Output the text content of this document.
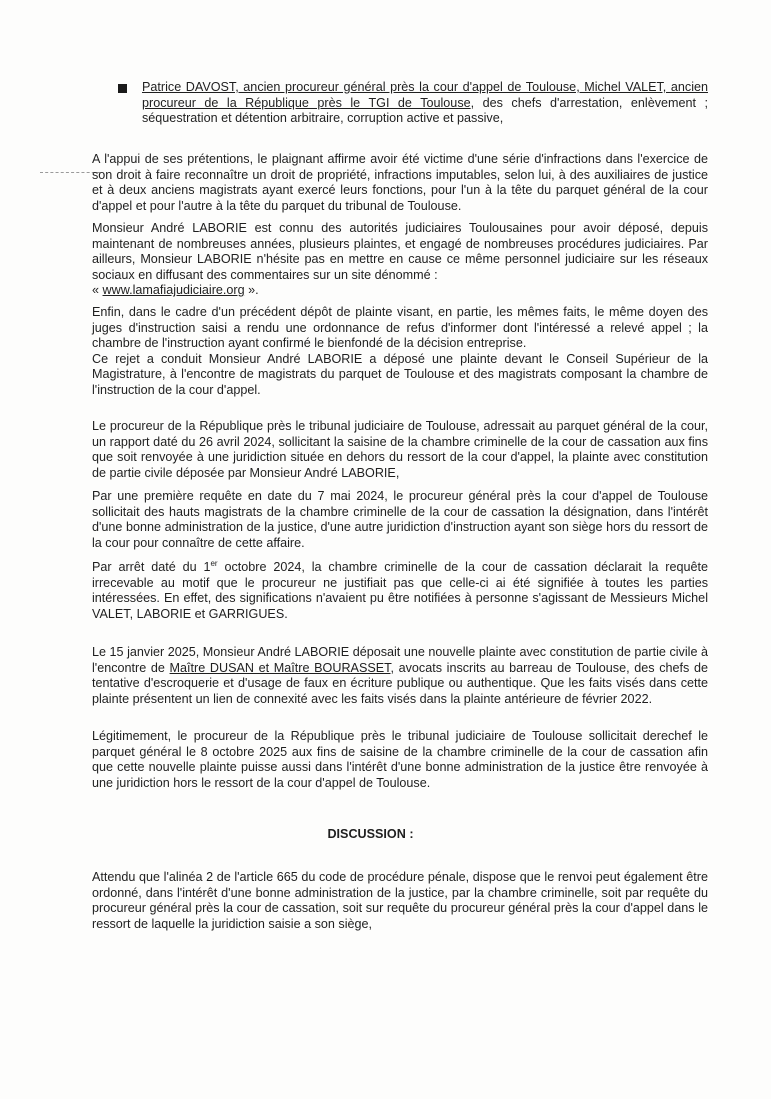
Patrice DAVOST, ancien procureur général près la cour d'appel de Toulouse, Michel VALET, ancien procureur de la République près le TGI de Toulouse, des chefs d'arrestation, enlèvement ; séquestration et détention arbitraire, corruption active et passive,

A l'appui de ses prétentions, le plaignant affirme avoir été victime d'une série d'infractions dans l'exercice de son droit à faire reconnaître un droit de propriété, infractions imputables, selon lui, à des auxiliaires de justice et à deux anciens magistrats ayant exercé leurs fonctions, pour l'un à la tête du parquet général de la cour d'appel et pour l'autre à la tête du parquet du tribunal de Toulouse.

Monsieur André LABORIE est connu des autorités judiciaires Toulousaines pour avoir déposé, depuis maintenant de nombreuses années, plusieurs plaintes, et engagé de nombreuses procédures judiciaires. Par ailleurs, Monsieur LABORIE n'hésite pas en mettre en cause ce même personnel judiciaire sur les réseaux sociaux en diffusant des commentaires sur un site dénommé :
« www.lamafiajudiciaire.org ».

Enfin, dans le cadre d'un précédent dépôt de plainte visant, en partie, les mêmes faits, le même doyen des juges d'instruction saisi a rendu une ordonnance de refus d'informer dont l'intéressé a relevé appel ; la chambre de l'instruction ayant confirmé le bienfondé de la décision entreprise.
Ce rejet a conduit Monsieur André LABORIE a déposé une plainte devant le Conseil Supérieur de la Magistrature, à l'encontre de magistrats du parquet de Toulouse et des magistrats composant la chambre de l'instruction de la cour d'appel.

Le procureur de la République près le tribunal judiciaire de Toulouse, adressait au parquet général de la cour, un rapport daté du 26 avril 2024, sollicitant la saisine de la chambre criminelle de la cour de cassation aux fins que soit renvoyée à une juridiction située en dehors du ressort de la cour d'appel, la plainte avec constitution de partie civile déposée par Monsieur André LABORIE,

Par une première requête en date du 7 mai 2024, le procureur général près la cour d'appel de Toulouse sollicitait des hauts magistrats de la chambre criminelle de la cour de cassation la désignation, dans l'intérêt d'une bonne administration de la justice, d'une autre juridiction d'instruction ayant son siège hors du ressort de la cour pour connaître de cette affaire.

Par arrêt daté du 1er octobre 2024, la chambre criminelle de la cour de cassation déclarait la requête irrecevable au motif que le procureur ne justifiait pas que celle-ci ai été signifiée à toutes les parties intéressées. En effet, des significations n'avaient pu être notifiées à personne s'agissant de Messieurs Michel VALET, LABORIE et GARRIGUES.

Le 15 janvier 2025, Monsieur André LABORIE déposait une nouvelle plainte avec constitution de partie civile à l'encontre de Maître DUSAN et Maître BOURASSET, avocats inscrits au barreau de Toulouse, des chefs de tentative d'escroquerie et d'usage de faux en écriture publique ou authentique. Que les faits visés dans cette plainte présentent un lien de connexité avec les faits visés dans la plainte antérieure de février 2022.

Légitimement, le procureur de la République près le tribunal judiciaire de Toulouse sollicitait derechef le parquet général le 8 octobre 2025 aux fins de saisine de la chambre criminelle de la cour de cassation afin que cette nouvelle plainte puisse aussi dans l'intérêt d'une bonne administration de la justice être renvoyée à une juridiction hors le ressort de la cour d'appel de Toulouse.

DISCUSSION :

Attendu que l'alinéa 2 de l'article 665 du code de procédure pénale, dispose que le renvoi peut également être ordonné, dans l'intérêt d'une bonne administration de la justice, par la chambre criminelle, soit par requête du procureur général près la cour de cassation, soit sur requête du procureur général près la cour d'appel dans le ressort de laquelle la juridiction saisie a son siège,
